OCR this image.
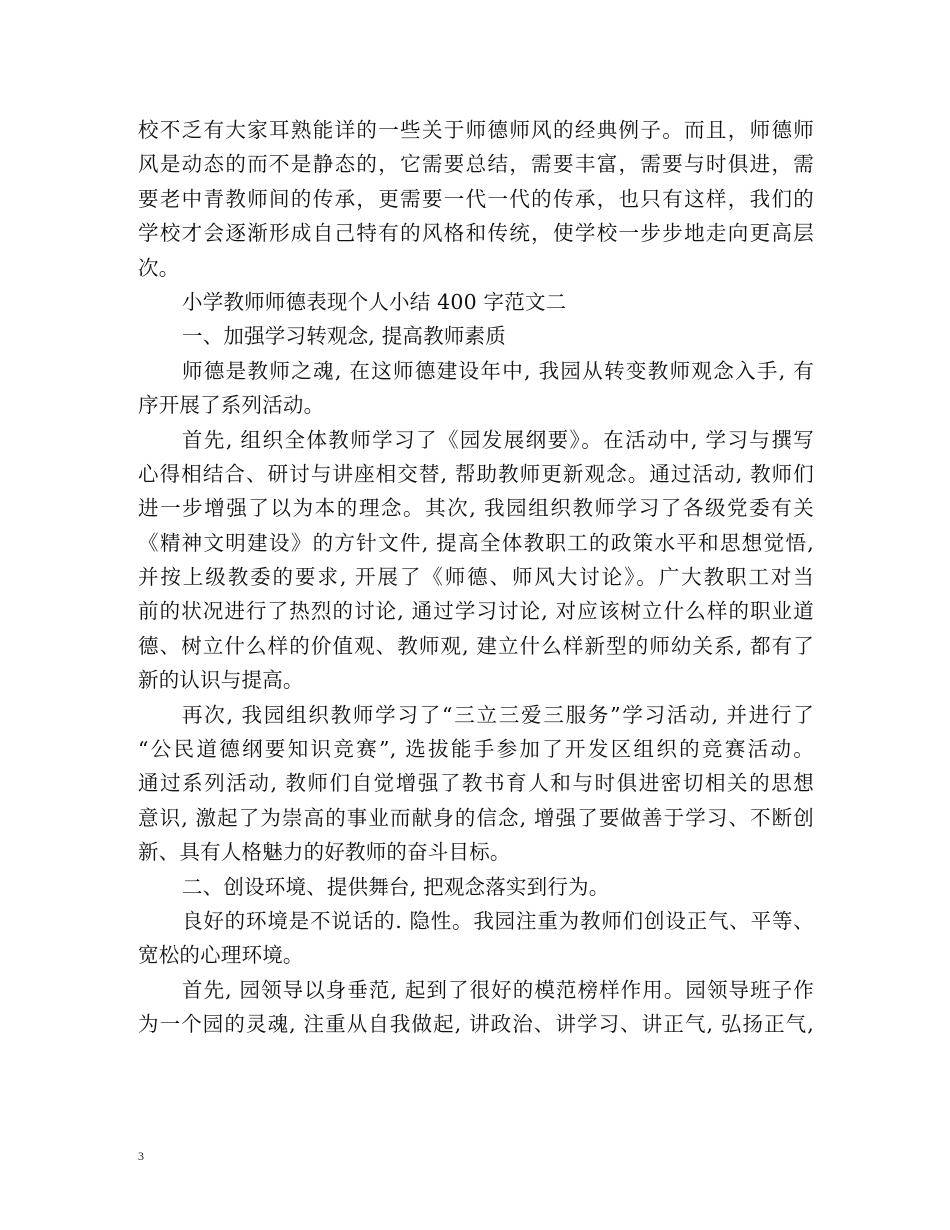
校不乏有大家耳熟能详的一些关于师德师风的经典例子。而且，师德师
风是动态的而不是静态的，它需要总结，需要丰富，需要与时俱进，需
要老中青教师间的传承，更需要一代一代的传承，也只有这样，我们的
学校才会逐渐形成自己特有的风格和传统，使学校一步步地走向更高层
次。
小学教师师德表现个人小结 400 字范文二
一、加强学习转观念, 提高教师素质
师德是教师之魂, 在这师德建设年中, 我园从转变教师观念入手, 有
序开展了系列活动。
首先, 组织全体教师学习了《园发展纲要》。在活动中, 学习与撰写
心得相结合、研讨与讲座相交替, 帮助教师更新观念。通过活动, 教师们
进一步增强了以为本的理念。其次, 我园组织教师学习了各级党委有关
《精神文明建设》的方针文件, 提高全体教职工的政策水平和思想觉悟,
并按上级教委的要求, 开展了《师德、师风大讨论》。广大教职工对当
前的状况进行了热烈的讨论, 通过学习讨论, 对应该树立什么样的职业道
德、树立什么样的价值观、教师观, 建立什么样新型的师幼关系, 都有了
新的认识与提高。
再次, 我园组织教师学习了“三立三爱三服务”学习活动, 并进行了
“公民道德纲要知识竞赛”, 选拔能手参加了开发区组织的竞赛活动。
通过系列活动, 教师们自觉增强了教书育人和与时俱进密切相关的思想
意识, 激起了为崇高的事业而献身的信念, 增强了要做善于学习、不断创
新、具有人格魅力的好教师的奋斗目标。
二、创设环境、提供舞台, 把观念落实到行为。
良好的环境是不说话的. 隐性。我园注重为教师们创设正气、平等、
宽松的心理环境。
首先, 园领导以身垂范, 起到了很好的模范榜样作用。园领导班子作
为一个园的灵魂, 注重从自我做起, 讲政治、讲学习、讲正气, 弘扬正气,
3
